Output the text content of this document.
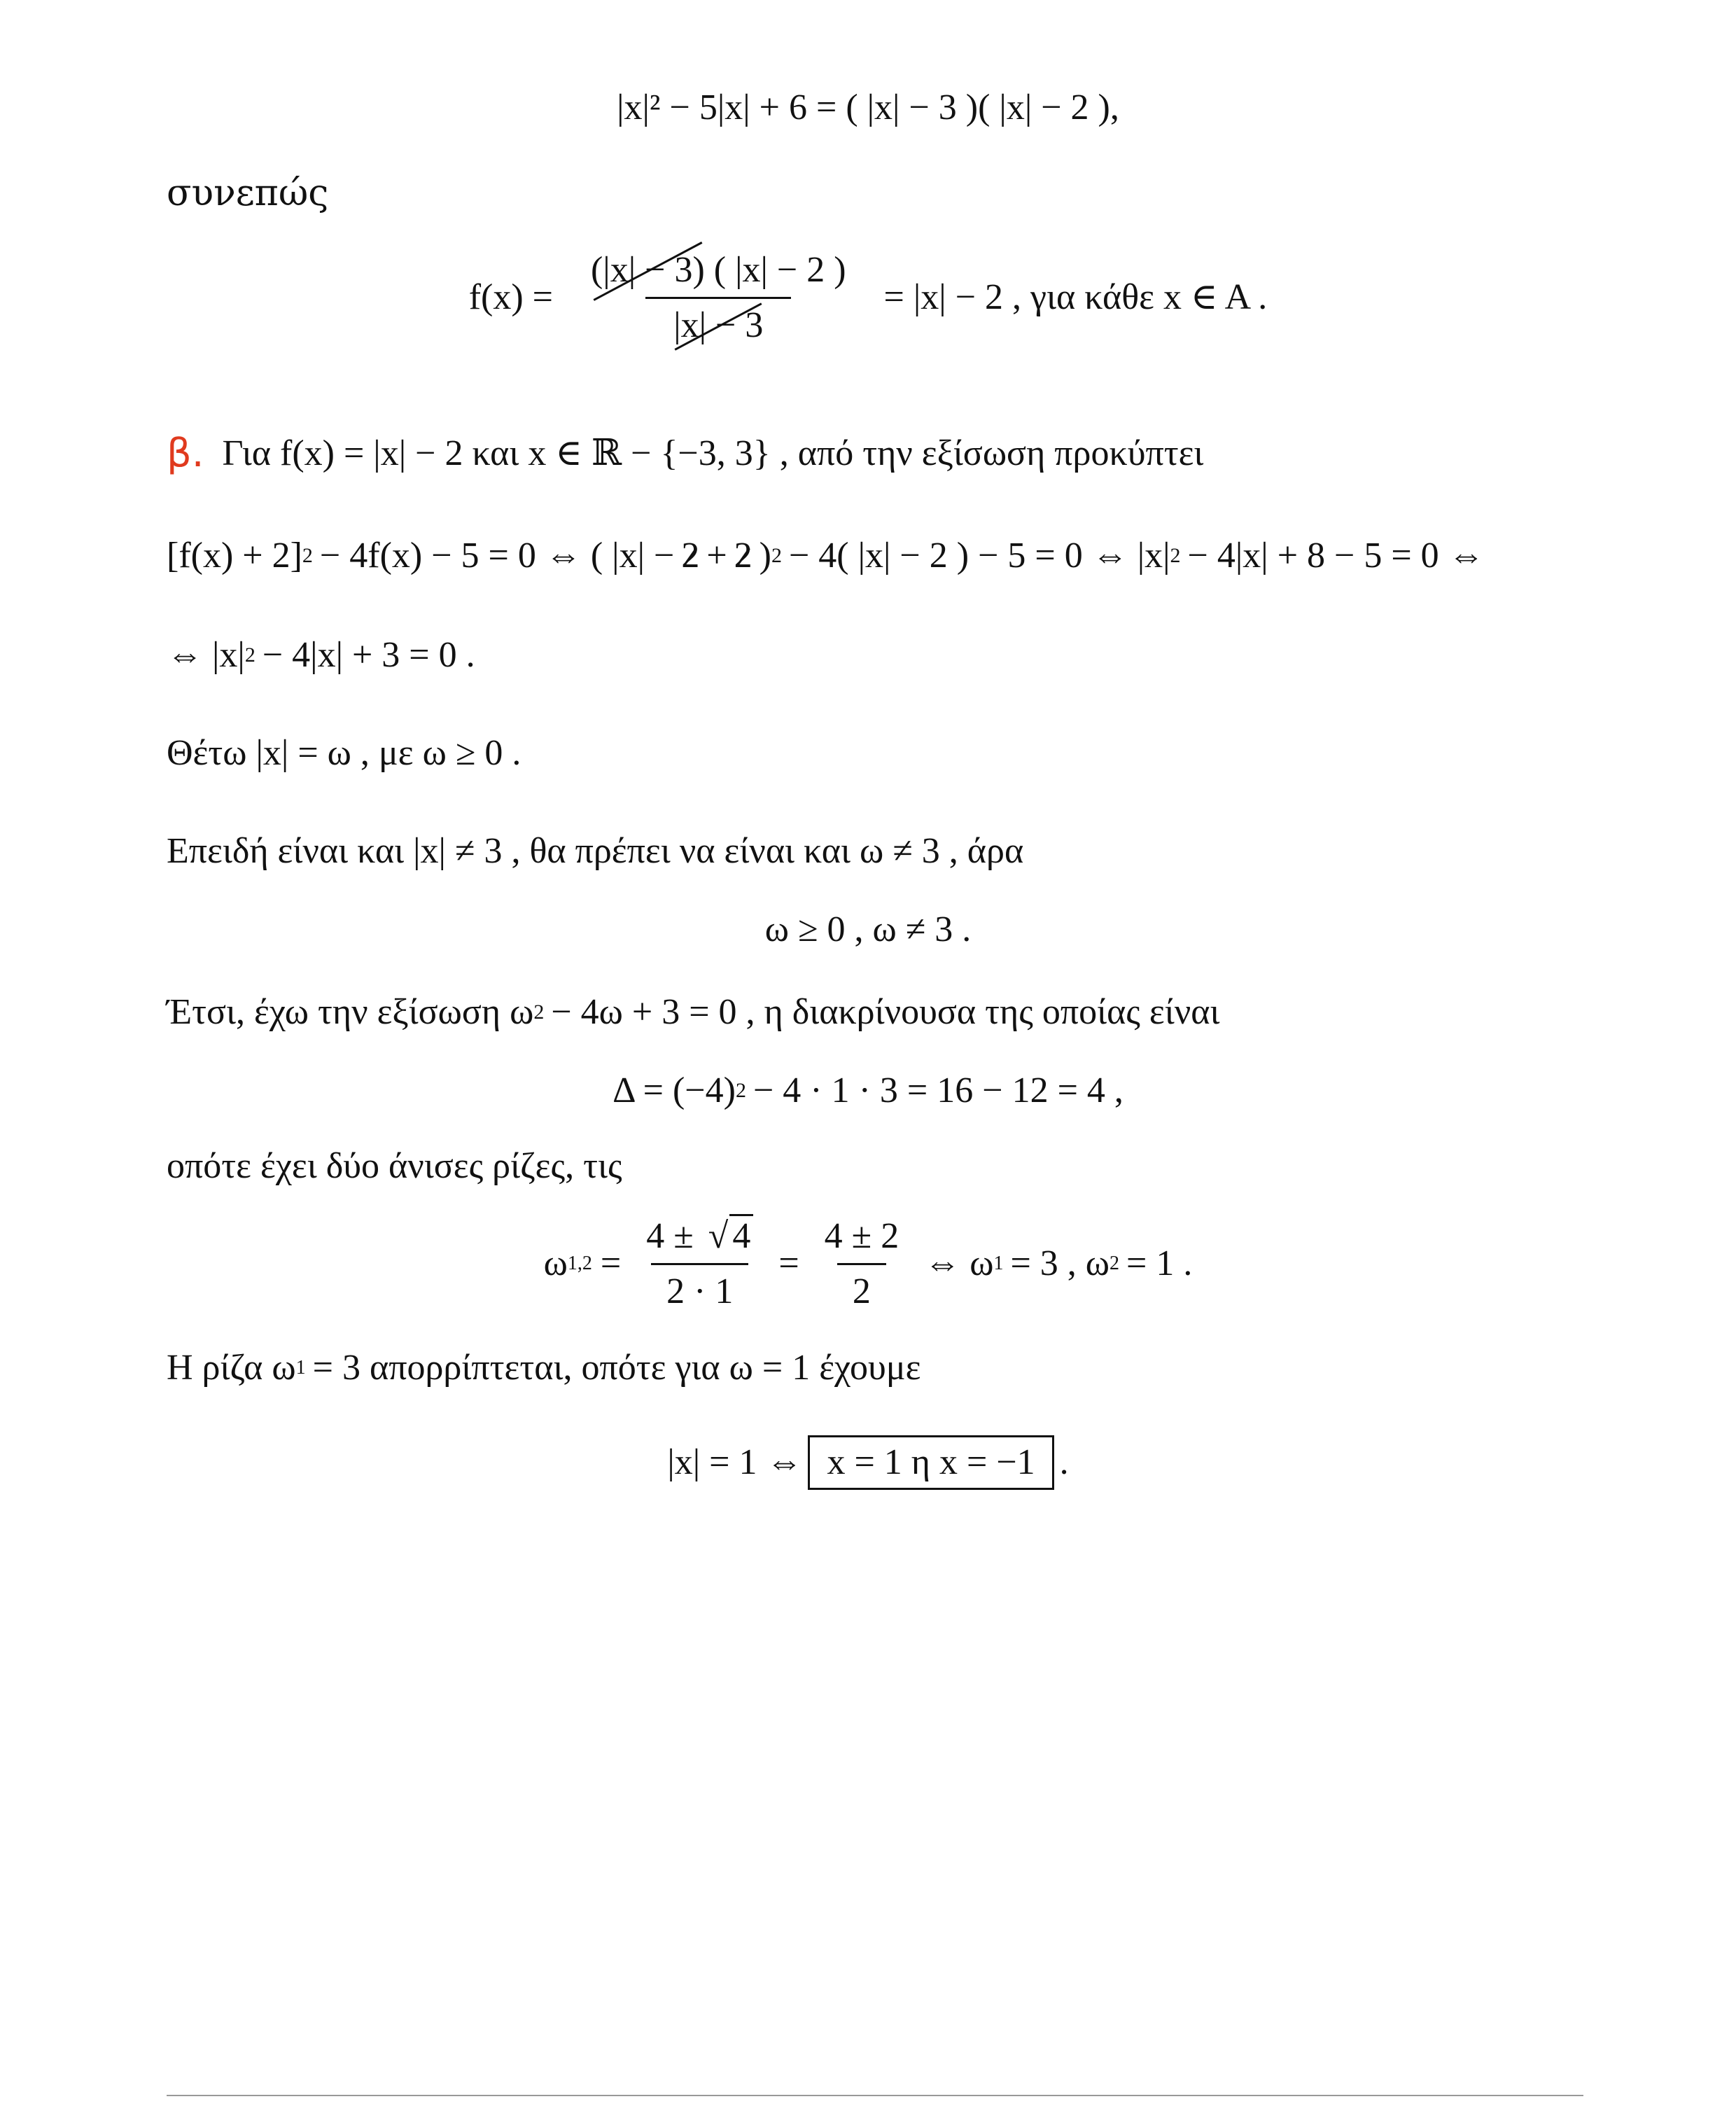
|x|² − 5|x| + 6 = ( |x| − 3 )( |x| − 2 ),
συνεπώς
$f(x) = \frac{(|x| - 3) ( |x| - 2 )}{|x| - 3} = |x| - 2$ , για κάθε x ∈ A .
β. Για f(x) = |x| − 2 και x ∈ ℝ − {−3, 3} , από την εξίσωση προκύπτει
[f(x) + 2] 2 − 4f(x) − 5 = 0 ⇔ ( |x| − 2 + 2 ) 2 − 4( |x| − 2 ) − 5 = 0 ⇔ |x| 2 − 4|x| + 8 − 5 = 0 ⇔
⇔ |x| 2 − 4|x| + 3 = 0 .
Θέτω |x| = ω , με ω ≥ 0 .
Επειδή είναι και |x| ≠ 3 , θα πρέπει να είναι και ω ≠ 3 , άρα
ω ≥ 0 , ω ≠ 3 .
Έτσι, έχω την εξίσωση ω 2 − 4ω + 3 = 0 , η διακρίνουσα της οποίας είναι
Δ = (−4) 2 − 4 · 1 · 3 = 16 − 12 = 4 ,
οπότε έχει δύο άνισες ρίζες, τις
ω $1,2 = \frac{4 \pm √ 4}{2 \cdot 1} = \frac{4 \pm 2}{2}$ ⇔ ω 1 = 3 , ω 2 = 1 .
Η ρίζα ω 1 = 3 απορρίπτεται, οπότε για ω = 1 έχουμε
|x| = 1 ⇔ x = 1 η x = −1 .
